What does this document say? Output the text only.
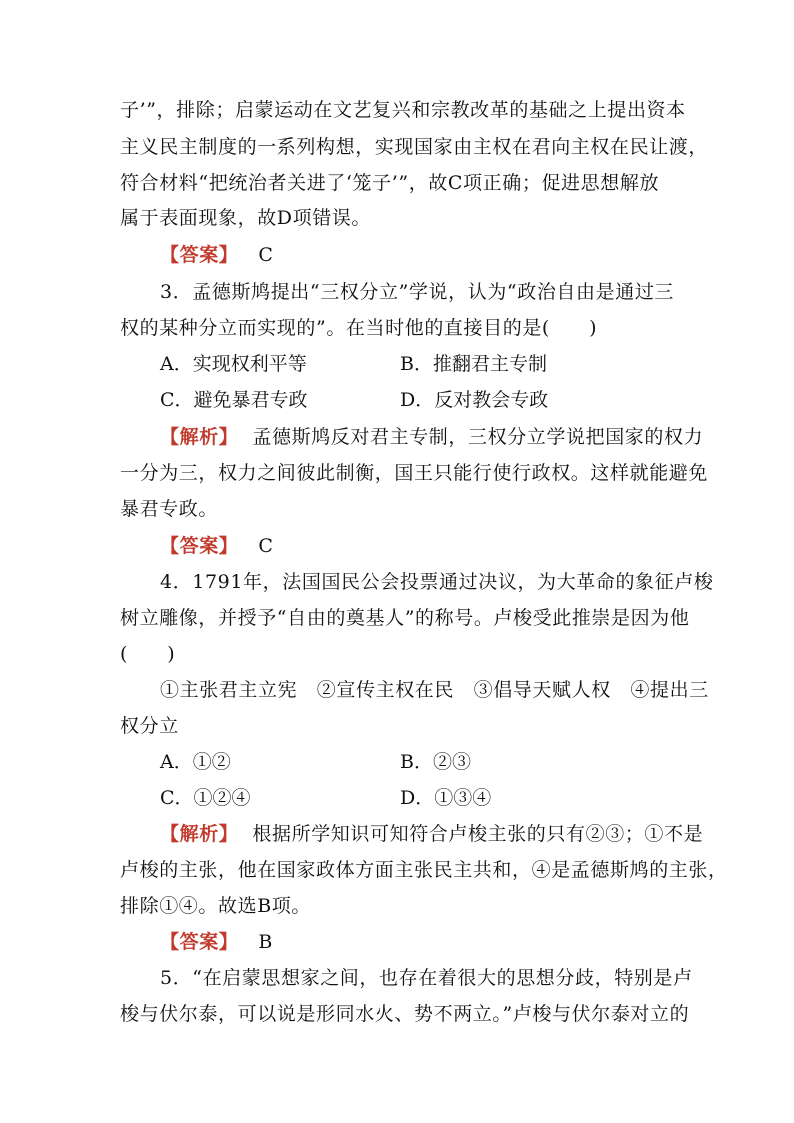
子’”，排除；启蒙运动在文艺复兴和宗教改革的基础之上提出资本
主义民主制度的一系列构想，实现国家由主权在君向主权在民让渡，
符合材料“把统治者关进了‘笼子’”，故C项正确；促进思想解放
属于表面现象，故D项错误。
【答案】 C
3．孟德斯鸠提出“三权分立”学说，认为“政治自由是通过三
权的某种分立而实现的”。在当时他的直接目的是(　　)
A．实现权利平等	B．推翻君主专制
C．避免暴君专政	D．反对教会专政
【解析】 孟德斯鸠反对君主专制，三权分立学说把国家的权力
一分为三，权力之间彼此制衡，国王只能行使行政权。这样就能避免
暴君专政。
【答案】 C
4．1791年，法国国民公会投票通过决议，为大革命的象征卢梭
树立雕像，并授予“自由的奠基人”的称号。卢梭受此推崇是因为他
(　　)
①主张君主立宪　②宣传主权在民　③倡导天赋人权　④提出三
权分立
A．①②	B．②③
C．①②④	D．①③④
【解析】 根据所学知识可知符合卢梭主张的只有②③；①不是
卢梭的主张，他在国家政体方面主张民主共和，④是孟德斯鸠的主张，
排除①④。故选B项。
【答案】 B
5．“在启蒙思想家之间，也存在着很大的思想分歧，特别是卢
梭与伏尔泰，可以说是形同水火、势不两立。”卢梭与伏尔泰对立的
